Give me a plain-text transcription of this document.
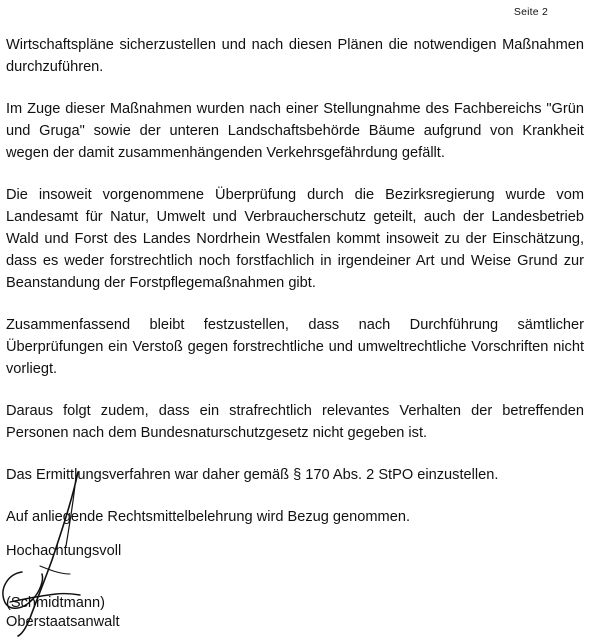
Seite 2

Wirtschaftspläne sicherzustellen und nach diesen Plänen die notwendigen Maßnahmen durchzuführen.

Im Zuge dieser Maßnahmen wurden nach einer Stellungnahme des Fachbereichs "Grün und Gruga" sowie der unteren Landschaftsbehörde Bäume aufgrund von Krankheit wegen der damit zusammenhängenden Verkehrsgefährdung gefällt.

Die insoweit vorgenommene Überprüfung durch die Bezirksregierung wurde vom Landesamt für Natur, Umwelt und Verbraucherschutz geteilt, auch der Landesbetrieb Wald und Forst des Landes Nordrhein Westfalen kommt insoweit zu der Einschätzung, dass es weder forstrechtlich noch forstfachlich in irgendeiner Art und Weise Grund zur Beanstandung der Forstpflegemaßnahmen gibt.

Zusammenfassend bleibt festzustellen, dass nach Durchführung sämtlicher Überprüfungen ein Verstoß gegen forstrechtliche und umweltrechtliche Vorschriften nicht vorliegt.

Daraus folgt zudem, dass ein strafrechtlich relevantes Verhalten der betreffenden Personen nach dem Bundesnaturschutzgesetz nicht gegeben ist.

Das Ermittlungsverfahren war daher gemäß § 170 Abs. 2 StPO einzustellen.

Auf anliegende Rechtsmittelbelehrung wird Bezug genommen.

Hochachtungsvoll
(Schmidtmann)
Oberstaatsanwalt
